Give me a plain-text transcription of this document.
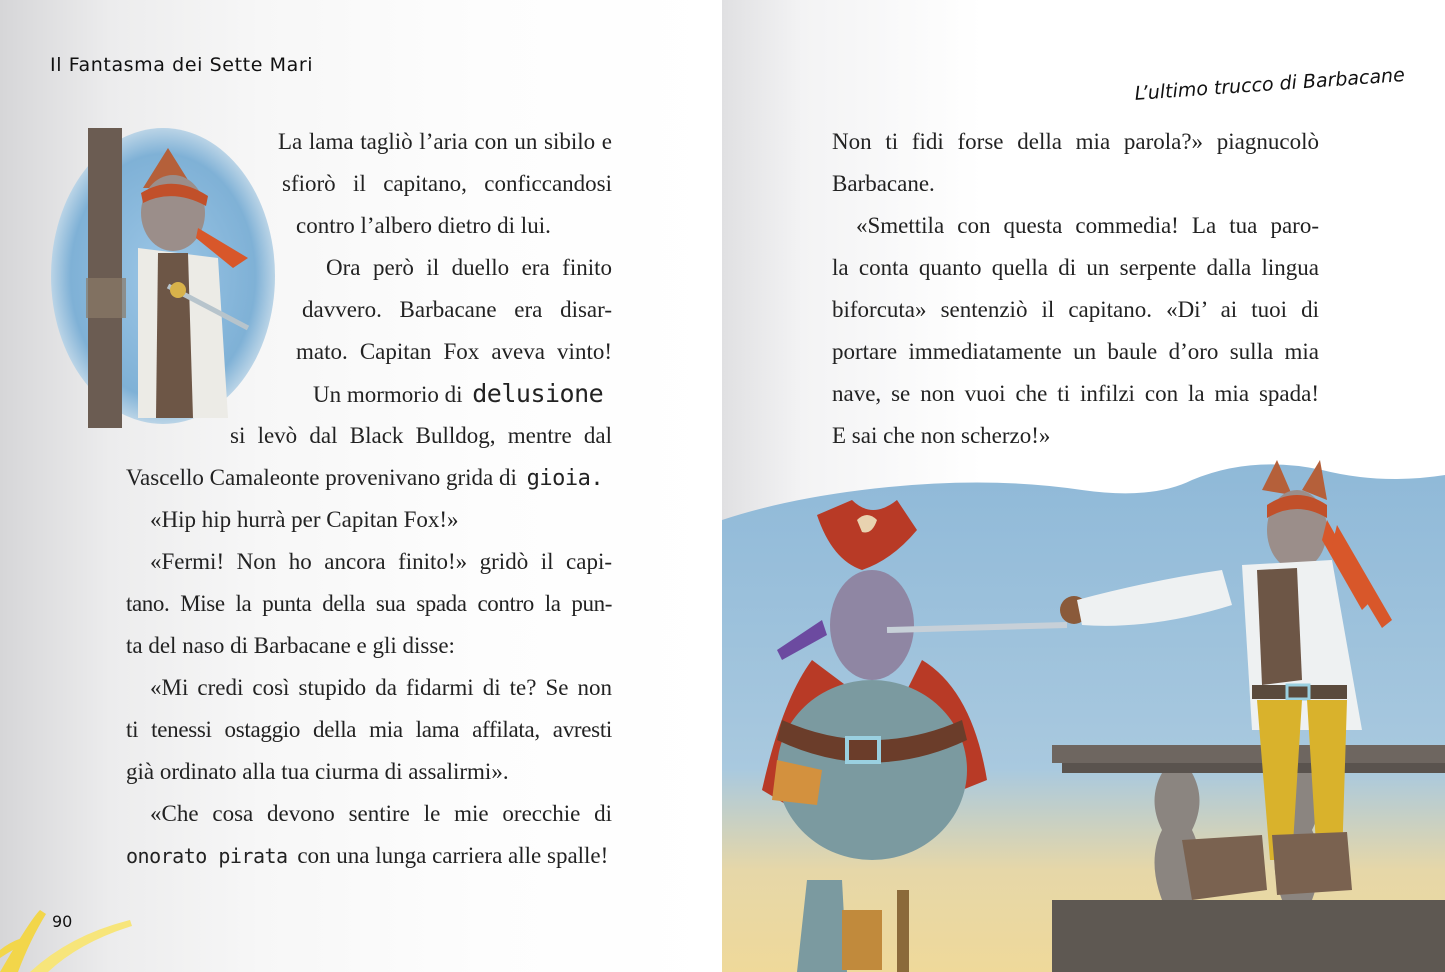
Il Fantasma dei Sette Mari
La lama tagliò l’aria con un sibilo e
sfiorò il capitano, conficcandosi
contro l’albero dietro di lui.
Ora però il duello era finito
davvero. Barbacane era disar-
mato. Capitan Fox aveva vinto!
Un mormorio di delusione
si levò dal Black Bulldog, mentre dal
Vascello Camaleonte provenivano grida di gioia.
«Hip hip hurrà per Capitan Fox!»
«Fermi! Non ho ancora finito!» gridò il capi-
tano. Mise la punta della sua spada contro la pun-
ta del naso di Barbacane e gli disse:
«Mi credi così stupido da fidarmi di te? Se non
ti tenessi ostaggio della mia lama affilata, avresti
già ordinato alla tua ciurma di assalirmi».
«Che cosa devono sentire le mie orecchie di
onorato pirata con una lunga carriera alle spalle!
90
L’ultimo trucco di Barbacane
Non ti fidi forse della mia parola?» piagnucolò
Barbacane.
«Smettila con questa commedia! La tua paro-
la conta quanto quella di un serpente dalla lingua
biforcuta» sentenziò il capitano. «Di’ ai tuoi di
portare immediatamente un baule d’oro sulla mia
nave, se non vuoi che ti infilzi con la mia spada!
E sai che non scherzo!»
